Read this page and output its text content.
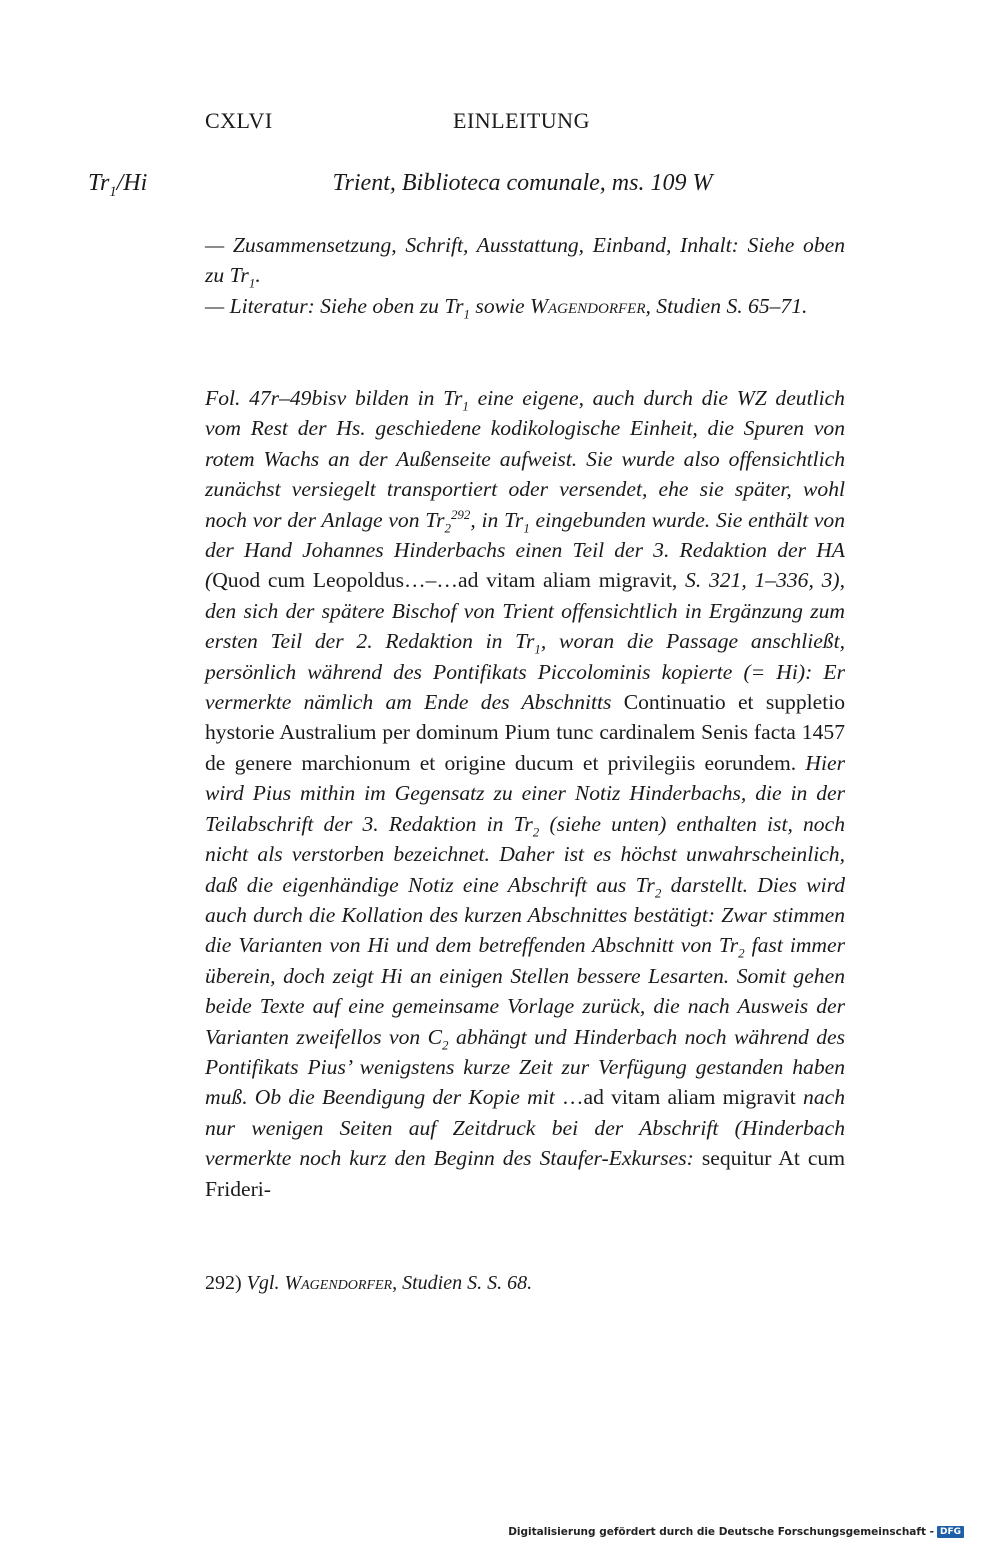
CXLVI	EINLEITUNG
$Tr_1/Hi$	Trient, Biblioteca comunale, ms. 109 W
— Zusammensetzung, Schrift, Ausstattung, Einband, Inhalt: Siehe oben zu $Tr_1$.
— Literatur: Siehe oben zu $Tr_1$ sowie Wagendorfer, Studien S. 65–71.
Fol. 47r–49bisv bilden in $Tr_1$ eine eigene, auch durch die WZ deutlich vom Rest der Hs. geschiedene kodikologische Einheit, die Spuren von rotem Wachs an der Außenseite aufweist. Sie wurde also offensichtlich zunächst versiegelt transportiert oder versendet, ehe sie später, wohl noch vor der Anlage von $Tr_2^{292}$, in $Tr_1$ eingebunden wurde. Sie enthält von der Hand Johannes Hinderbachs einen Teil der 3. Redaktion der HA (Quod cum Leopoldus…–…ad vitam aliam migravit, S. 321, 1–336, 3), den sich der spätere Bischof von Trient offensichtlich in Ergänzung zum ersten Teil der 2. Redaktion in $Tr_1$, woran die Passage anschließt, persönlich während des Pontifikats Piccolominis kopierte (= Hi): Er vermerkte nämlich am Ende des Abschnitts Continuatio et suppletio hystorie Australium per dominum Pium tunc cardinalem Senis facta 1457 de genere marchionum et origine ducum et privilegiis eorundem. Hier wird Pius mithin im Gegensatz zu einer Notiz Hinderbachs, die in der Teilabschrift der 3. Redaktion in $Tr_2$ (siehe unten) enthalten ist, noch nicht als verstorben bezeichnet. Daher ist es höchst unwahrscheinlich, daß die eigenhändige Notiz eine Abschrift aus $Tr_2$ darstellt. Dies wird auch durch die Kollation des kurzen Abschnittes bestätigt: Zwar stimmen die Varianten von Hi und dem betreffenden Abschnitt von $Tr_2$ fast immer überein, doch zeigt Hi an einigen Stellen bessere Lesarten. Somit gehen beide Texte auf eine gemeinsame Vorlage zurück, die nach Ausweis der Varianten zweifellos von $C_2$ abhängt und Hinderbach noch während des Pontifikats Pius’ wenigstens kurze Zeit zur Verfügung gestanden haben muß. Ob die Beendigung der Kopie mit …ad vitam aliam migravit nach nur wenigen Seiten auf Zeitdruck bei der Abschrift (Hinderbach vermerkte noch kurz den Beginn des Staufer-Exkurses: sequitur At cum Frideri-
292) Vgl. Wagendorfer, Studien S. S. 68.
Digitalisierung gefördert durch die Deutsche Forschungsgemeinschaft - DFG
